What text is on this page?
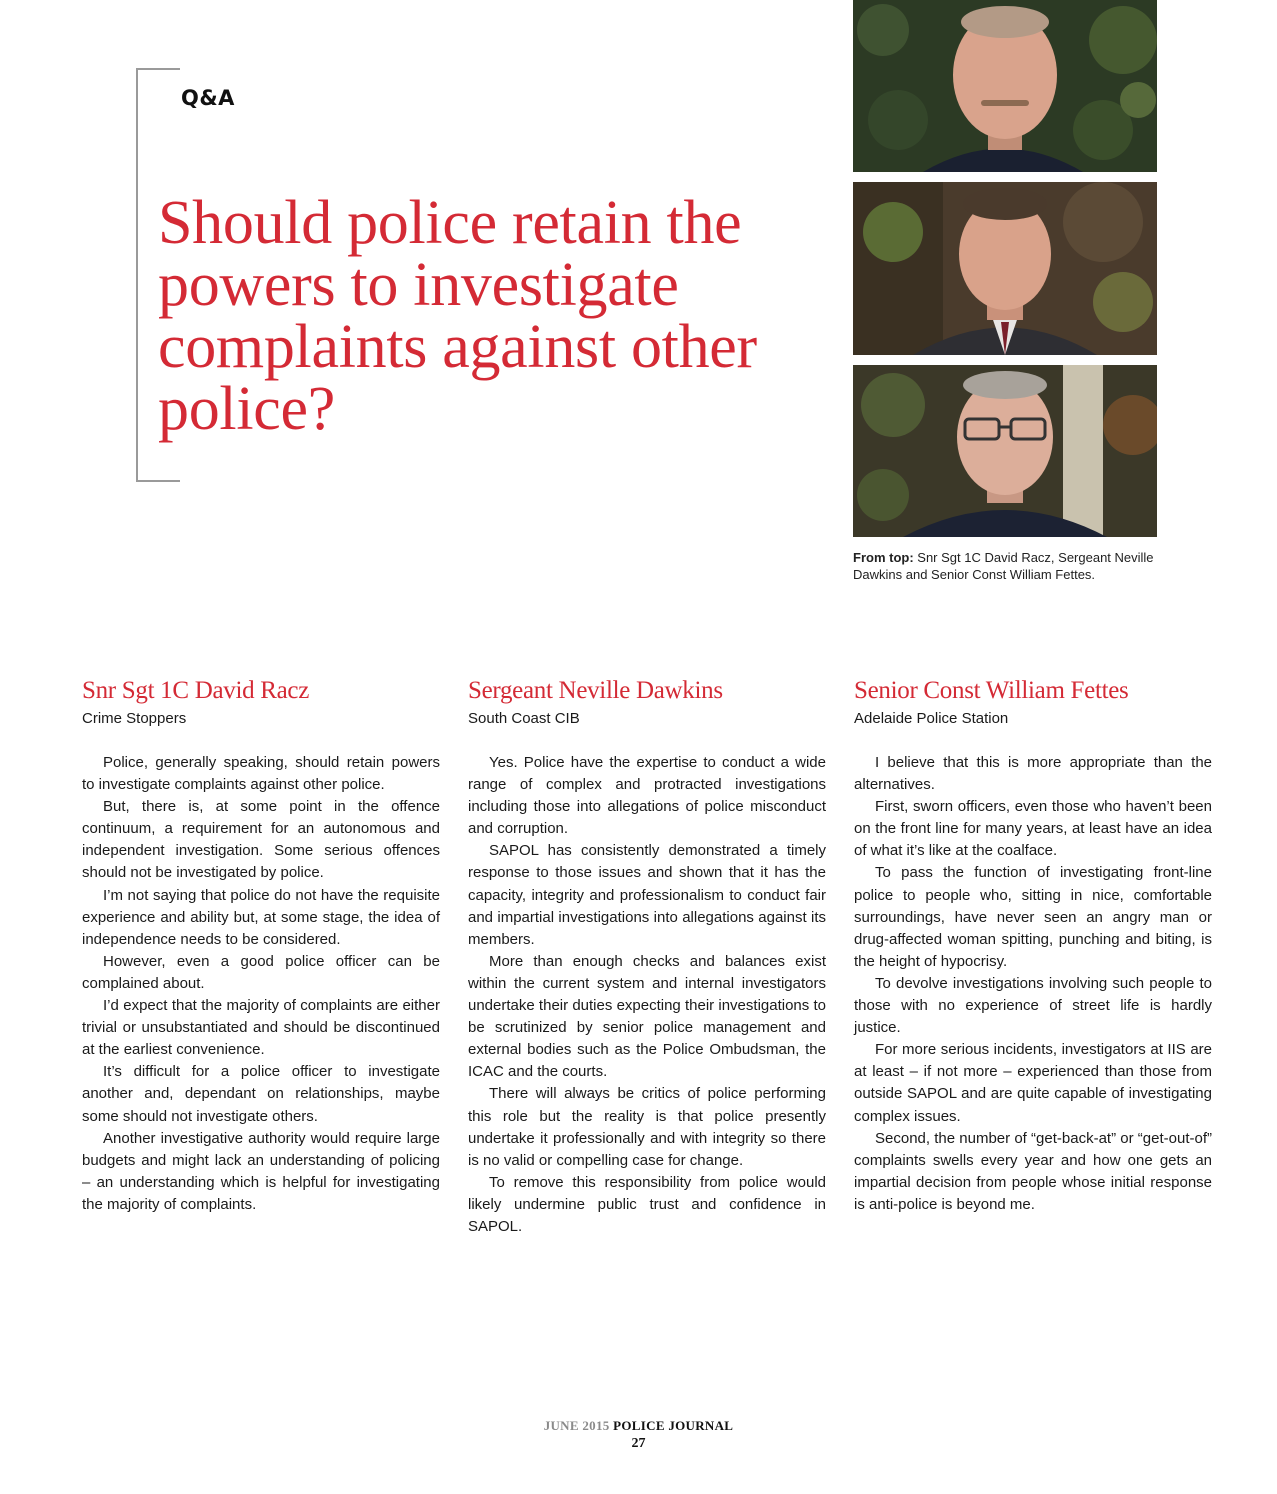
Q&A
Should police retain the powers to investigate complaints against other police?
From top: Snr Sgt 1C David Racz, Sergeant Neville Dawkins and Senior Const William Fettes.
Snr Sgt 1C David Racz
Crime Stoppers

Police, generally speaking, should retain powers to investigate complaints against other police.

But, there is, at some point in the offence continuum, a requirement for an autonomous and independent investigation. Some serious offences should not be investigated by police.

I’m not saying that police do not have the requisite experience and ability but, at some stage, the idea of independence needs to be considered.

However, even a good police officer can be complained about.

I’d expect that the majority of complaints are either trivial or unsubstantiated and should be discontinued at the earliest convenience.

It’s difficult for a police officer to investigate another and, dependant on relationships, maybe some should not investigate others.

Another investigative authority would require large budgets and might lack an understanding of policing – an understanding which is helpful for investigating the majority of complaints.

Sergeant Neville Dawkins
South Coast CIB

Yes. Police have the expertise to conduct a wide range of complex and protracted investigations including those into allegations of police misconduct and corruption.

SAPOL has consistently demonstrated a timely response to those issues and shown that it has the capacity, integrity and professionalism to conduct fair and impartial investigations into allegations against its members.

More than enough checks and balances exist within the current system and internal investigators undertake their duties expecting their investigations to be scrutinized by senior police management and external bodies such as the Police Ombudsman, the ICAC and the courts.

There will always be critics of police performing this role but the reality is that police presently undertake it professionally and with integrity so there is no valid or compelling case for change.

To remove this responsibility from police would likely undermine public trust and confidence in SAPOL.

Senior Const William Fettes
Adelaide Police Station

I believe that this is more appropriate than the alternatives.

First, sworn officers, even those who haven’t been on the front line for many years, at least have an idea of what it’s like at the coalface.

To pass the function of investigating front-line police to people who, sitting in nice, comfortable surroundings, have never seen an angry man or drug-affected woman spitting, punching and biting, is the height of hypocrisy.

To devolve investigations involving such people to those with no experience of street life is hardly justice.

For more serious incidents, investigators at IIS are at least – if not more – experienced than those from outside SAPOL and are quite capable of investigating complex issues.

Second, the number of “get-back-at” or “get-out-of” complaints swells every year and how one gets an impartial decision from people whose initial response is anti-police is beyond me.

JUNE 2015 POLICE JOURNAL
27
